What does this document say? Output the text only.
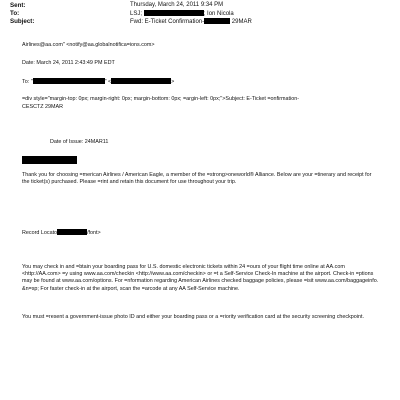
Sent:	Thursday, March 24, 2011 9:34 PM
To:	LSJ;	; Ion Nicola
Subject:	Fwd: E-Ticket Confirmation-	29MAR
Airlines@aa.com" <notify@aa.globalnotifica=ions.com>
Date: March 24, 2011 2:43:49 PM EDT
To: "	" <	>
=div style="margin-top: 0px; margin-right: 0px; margin-bottom: 0px; =argin-left: 0px;">Subject: E-Ticket =onfirmation-
CESCTZ 29MAR
Date of Issue: 24MAR11
Thank you for choosing =merican Airlines / American Eagle, a member of the =strong>oneworld® Alliance. Below are your =tinerary and receipt for the ticket(s) purchased. Please =rint and retain this document for use throughout your trip.
Record Locato	/font>
You may check in and =btain your boarding pass for U.S. domestic electronic tickets within 24 =ours of your flight time online at AA.com <http://AA.com> =y using www.aa.com/checkin <http://www.aa.com/checkin> or =t a Self-Service Check-In machine at the airport. Check-in =ptions may be found at www.aa.com/options. For =nformation regarding American Airlines checked baggage policies, please =isit www.aa.com/baggageinfo. &n=sp; For faster check-in at the airport, scan the =arcode at any AA Self-Service machine.
You must =resent a government-issue photo ID and either your boarding pass or a =riority verification card at the security screening checkpoint.
